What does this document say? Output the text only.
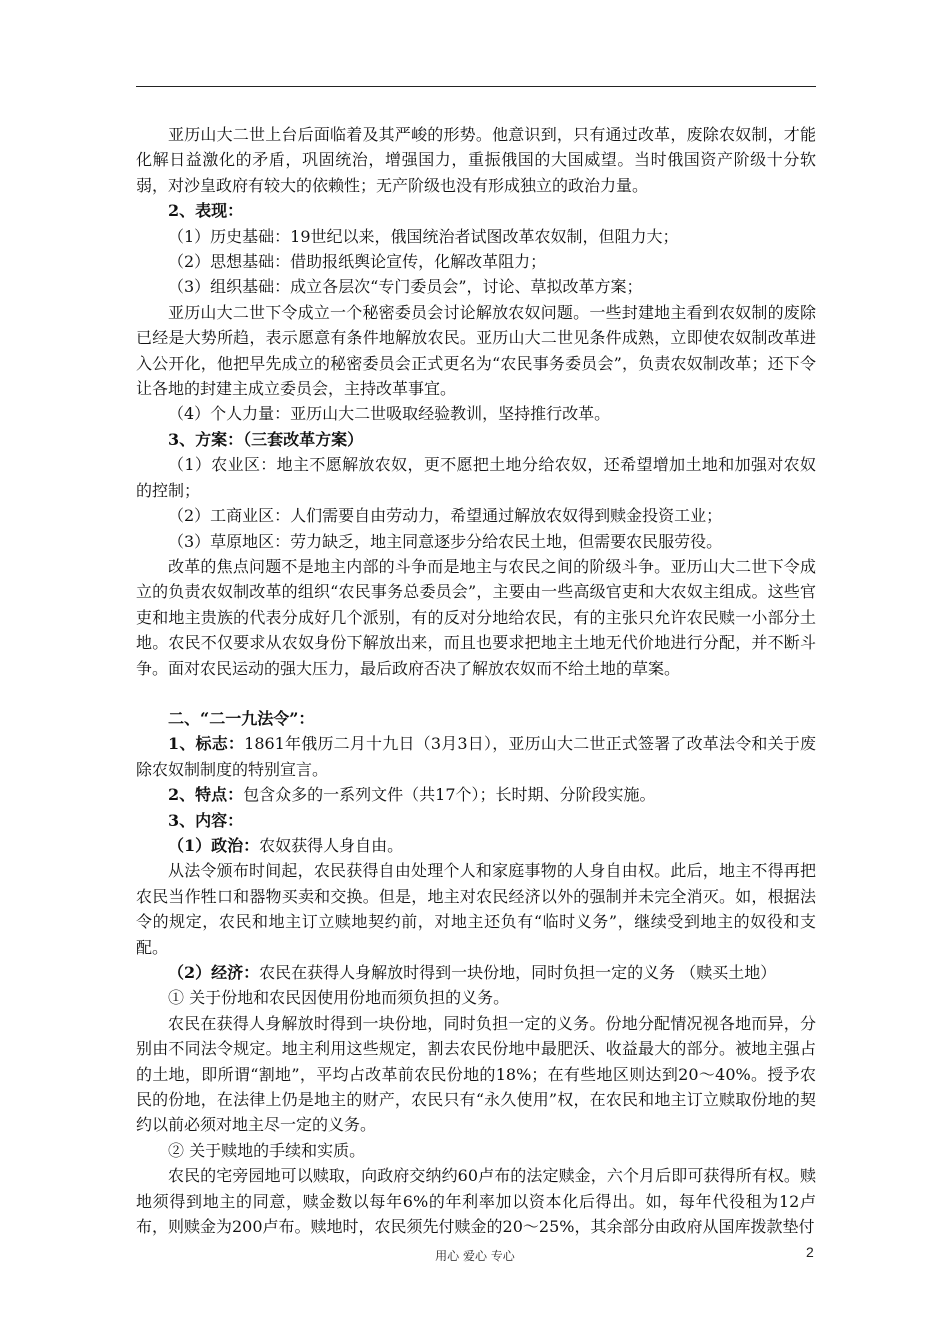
亚历山大二世上台后面临着及其严峻的形势。他意识到，只有通过改革，废除农奴制，才能化解日益激化的矛盾，巩固统治，增强国力，重振俄国的大国威望。当时俄国资产阶级十分软弱，对沙皇政府有较大的依赖性；无产阶级也没有形成独立的政治力量。

2、表现：

（1）历史基础：19世纪以来，俄国统治者试图改革农奴制，但阻力大；

（2）思想基础：借助报纸舆论宣传，化解改革阻力；

（3）组织基础：成立各层次“专门委员会”，讨论、草拟改革方案；

亚历山大二世下令成立一个秘密委员会讨论解放农奴问题。一些封建地主看到农奴制的废除已经是大势所趋，表示愿意有条件地解放农民。亚历山大二世见条件成熟，立即使农奴制改革进入公开化，他把早先成立的秘密委员会正式更名为“农民事务委员会”，负责农奴制改革；还下令让各地的封建主成立委员会，主持改革事宜。

（4）个人力量：亚历山大二世吸取经验教训，坚持推行改革。

3、方案：（三套改革方案）

（1）农业区：地主不愿解放农奴，更不愿把土地分给农奴，还希望增加土地和加强对农奴的控制；

（2）工商业区：人们需要自由劳动力，希望通过解放农奴得到赎金投资工业；

（3）草原地区：劳力缺乏，地主同意逐步分给农民土地，但需要农民服劳役。

改革的焦点问题不是地主内部的斗争而是地主与农民之间的阶级斗争。亚历山大二世下令成立的负责农奴制改革的组织“农民事务总委员会”，主要由一些高级官吏和大农奴主组成。这些官吏和地主贵族的代表分成好几个派别，有的反对分地给农民，有的主张只允许农民赎一小部分土地。农民不仅要求从农奴身份下解放出来，而且也要求把地主土地无代价地进行分配，并不断斗争。面对农民运动的强大压力，最后政府否决了解放农奴而不给土地的草案。

二、“二一九法令”：

1、标志：1861年俄历二月十九日（3月3日），亚历山大二世正式签署了改革法令和关于废除农奴制制度的特别宣言。

2、特点：包含众多的一系列文件（共17个）；长时期、分阶段实施。

3、内容：

（1）政治：农奴获得人身自由。

从法令颁布时间起，农民获得自由处理个人和家庭事物的人身自由权。此后，地主不得再把农民当作牲口和器物买卖和交换。但是，地主对农民经济以外的强制并未完全消灭。如，根据法令的规定，农民和地主订立赎地契约前，对地主还负有“临时义务”，继续受到地主的奴役和支配。

（2）经济：农民在获得人身解放时得到一块份地，同时负担一定的义务 （赎买土地）

① 关于份地和农民因使用份地而须负担的义务。

农民在获得人身解放时得到一块份地，同时负担一定的义务。份地分配情况视各地而异，分别由不同法令规定。地主利用这些规定，割去农民份地中最肥沃、收益最大的部分。被地主强占的土地，即所谓“割地”，平均占改革前农民份地的18%；在有些地区则达到20～40%。授予农民的份地，在法律上仍是地主的财产，农民只有“永久使用”权，在农民和地主订立赎取份地的契约以前必须对地主尽一定的义务。

② 关于赎地的手续和实质。

农民的宅旁园地可以赎取，向政府交纳约60卢布的法定赎金，六个月后即可获得所有权。赎地须得到地主的同意，赎金数以每年6%的年利率加以资本化后得出。如，每年代役租为12卢布，则赎金为200卢布。赎地时，农民须先付赎金的20～25%，其余部分由政府从国库拨款垫付

用心 爱心 专心	2
